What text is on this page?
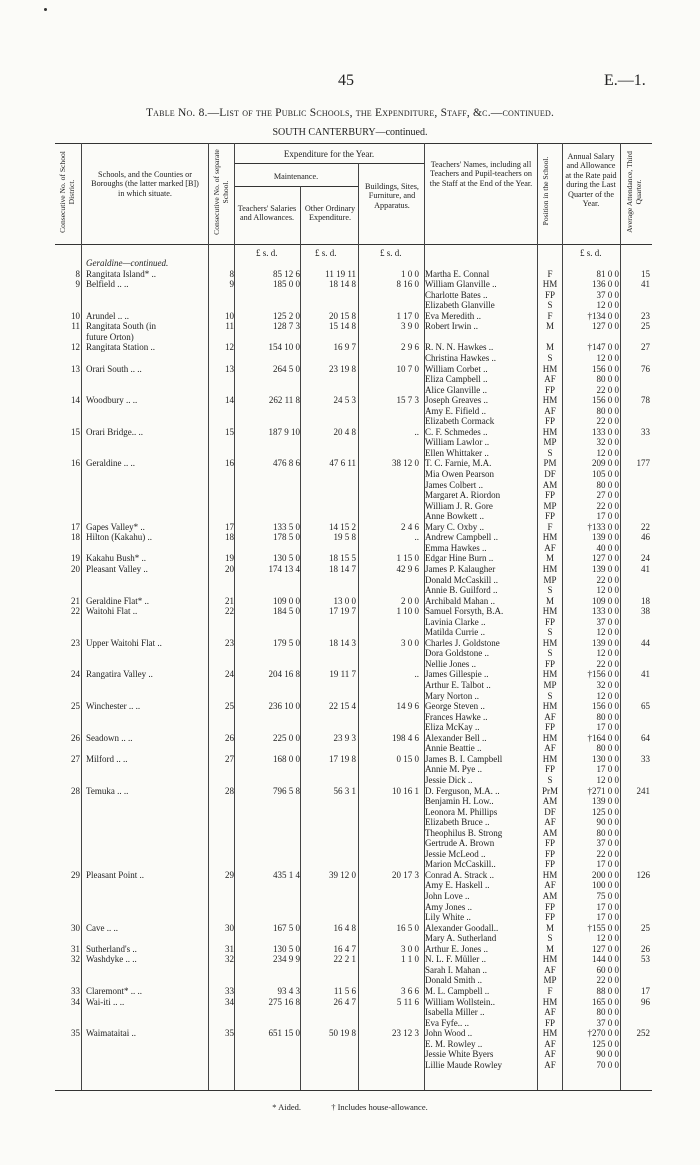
45	E.—1.
Table No. 8.—List of the Public Schools, the Expenditure, Staff, &c.—continued.
SOUTH CANTERBURY—continued.
Consecutive No. of School District.
Schools, and the Counties or Boroughs (the latter marked [B]) in which situate.	Consecutive No. of separate School.
Expenditure for the Year.
Maintenance.
Teachers' Salaries and Allowances.
Other Ordinary Expenditure.
Buildings, Sites, Furniture, and Apparatus.
Teachers' Names, including all Teachers and Pupil-teachers on the Staff at the End of the Year.	Position in the School.
Annual Salary and Allowance at the Rate paid during the Last Quarter of the Year.	Average Attendance, Third Quarter.
£ s. d.	£ s. d.	£ s. d.	£ s. d.
Geraldine—continued.
8 Rangitata Island* ..	8	85 12 6	11 19 11	1 0 0 Martha E. Connal	F	81 0 0	15
9 Belfield .. ..	9	185 0 0	18 14 8	8 16 0 William Glanville ..	HM	136 0 0	41
Charlotte Bates ..	FP	37 0 0
Elizabeth Glanville	S	12 0 0
10 Arundel .. ..	10	125 2 0	20 15 8	1 17 0 Eva Meredith ..	F	†134 0 0	23
11 Rangitata South (in	11	128 7 3	15 14 8	3 9 0 Robert Irwin ..	M	127 0 0	25
future Orton)
12 Rangitata Station ..	12	154 10 0	16 9 7	2 9 6 R. N. N. Hawkes ..	M	†147 0 0	27
Christina Hawkes ..	S	12 0 0
13 Orari South .. ..	13	264 5 0	23 19 8	10 7 0 William Corbet ..	HM	156 0 0	76
Eliza Campbell ..	AF	80 0 0
Alice Glanville ..	FP	22 0 0
14 Woodbury .. ..	14	262 11 8	24 5 3	15 7 3 Joseph Greaves ..	HM	156 0 0	78
Amy E. Fifield ..	AF	80 0 0
Elizabeth Cormack	FP	22 0 0
15 Orari Bridge.. ..	15	187 9 10	20 4 8	.. C. F. Schmedes ..	HM	133 0 0	33
William Lawlor ..	MP	32 0 0
Ellen Whittaker ..	S	12 0 0
16 Geraldine .. ..	16	476 8 6	47 6 11	38 12 0 T. C. Farnie, M.A.	PM	209 0 0	177
Mia Owen Pearson	DF	105 0 0
James Colbert ..	AM	80 0 0
Margaret A. Riordon	FP	27 0 0
William J. R. Gore	MP	22 0 0
Anne Bowkett ..	FP	17 0 0
17 Gapes Valley* ..	17	133 5 0	14 15 2	2 4 6 Mary C. Oxby ..	F	†133 0 0	22
18 Hilton (Kakahu) ..	18	178 5 0	19 5 8	.. Andrew Campbell ..	HM	139 0 0	46
Emma Hawkes ..	AF	40 0 0
19 Kakahu Bush* ..	19	130 5 0	18 15 5	1 15 0 Edgar Hine Burn ..	M	127 0 0	24
20 Pleasant Valley ..	20	174 13 4	18 14 7	42 9 6 James P. Kalaugher	HM	139 0 0	41
Donald McCaskill ..	MP	22 0 0
Annie B. Guilford ..	S	12 0 0
21 Geraldine Flat* ..	21	109 0 0	13 0 0	2 0 0 Archibald Mahan ..	M	109 0 0	18
22 Waitohi Flat ..	22	184 5 0	17 19 7	1 10 0 Samuel Forsyth, B.A.	HM	133 0 0	38
Lavinia Clarke ..	FP	37 0 0
Matilda Currie ..	S	12 0 0
23 Upper Waitohi Flat ..	23	179 5 0	18 14 3	3 0 0 Charles J. Goldstone	HM	139 0 0	44
Dora Goldstone ..	S	12 0 0
Nellie Jones ..	FP	22 0 0
24 Rangatira Valley ..	24	204 16 8	19 11 7	.. James Gillespie ..	HM	†156 0 0	41
Arthur E. Talbot ..	MP	32 0 0
Mary Norton ..	S	12 0 0
25 Winchester .. ..	25	236 10 0	22 15 4	14 9 6 George Steven ..	HM	156 0 0	65
Frances Hawke ..	AF	80 0 0
Eliza McKay ..	FP	17 0 0
26 Seadown .. ..	26	225 0 0	23 9 3	198 4 6 Alexander Bell ..	HM	†164 0 0	64
Annie Beattie ..	AF	80 0 0
27 Milford .. ..	27	168 0 0	17 19 8	0 15 0 James B. I. Campbell	HM	130 0 0	33
Annie M. Pye ..	FP	17 0 0
Jessie Dick ..	S	12 0 0
28 Temuka .. ..	28	796 5 8	56 3 1	10 16 1 D. Ferguson, M.A. ..	PrM	†271 0 0	241
Benjamin H. Low..	AM	139 0 0
Leonora M. Phillips	DF	125 0 0
Elizabeth Bruce ..	AF	90 0 0
Theophilus B. Strong	AM	80 0 0
Gertrude A. Brown	FP	37 0 0
Jessie McLeod ..	FP	22 0 0
Marion McCaskill..	FP	17 0 0
29 Pleasant Point ..	29	435 1 4	39 12 0	20 17 3 Conrad A. Strack ..	HM	200 0 0	126
Amy E. Haskell ..	AF	100 0 0
John Love ..	AM	75 0 0
Amy Jones ..	FP	17 0 0
Lily White ..	FP	17 0 0
30 Cave .. ..	30	167 5 0	16 4 8	16 5 0 Alexander Goodall..	M	†155 0 0	25
Mary A. Sutherland	S	12 0 0
31 Sutherland's ..	31	130 5 0	16 4 7	3 0 0 Arthur E. Jones ..	M	127 0 0	26
32 Washdyke .. ..	32	234 9 9	22 2 1	1 1 0 N. L. F. Müller ..	HM	144 0 0	53
Sarah I. Mahan ..	AF	60 0 0
Donald Smith ..	MP	22 0 0
33 Claremont* .. ..	33	93 4 3	11 5 6	3 6 6 M. L. Campbell ..	F	88 0 0	17
34 Wai-iti .. ..	34	275 16 8	26 4 7	5 11 6 William Wollstein..	HM	165 0 0	96
Isabella Miller ..	AF	80 0 0
Eva Fyfe.. ..	FP	37 0 0
35 Waimataitai ..	35	651 15 0	50 19 8	23 12 3 John Wood ..	HM	†270 0 0	252
E. M. Rowley ..	AF	125 0 0
Jessie White Byers	AF	90 0 0
Lillie Maude Rowley	AF	70 0 0
* Aided.	† Includes house-allowance.
